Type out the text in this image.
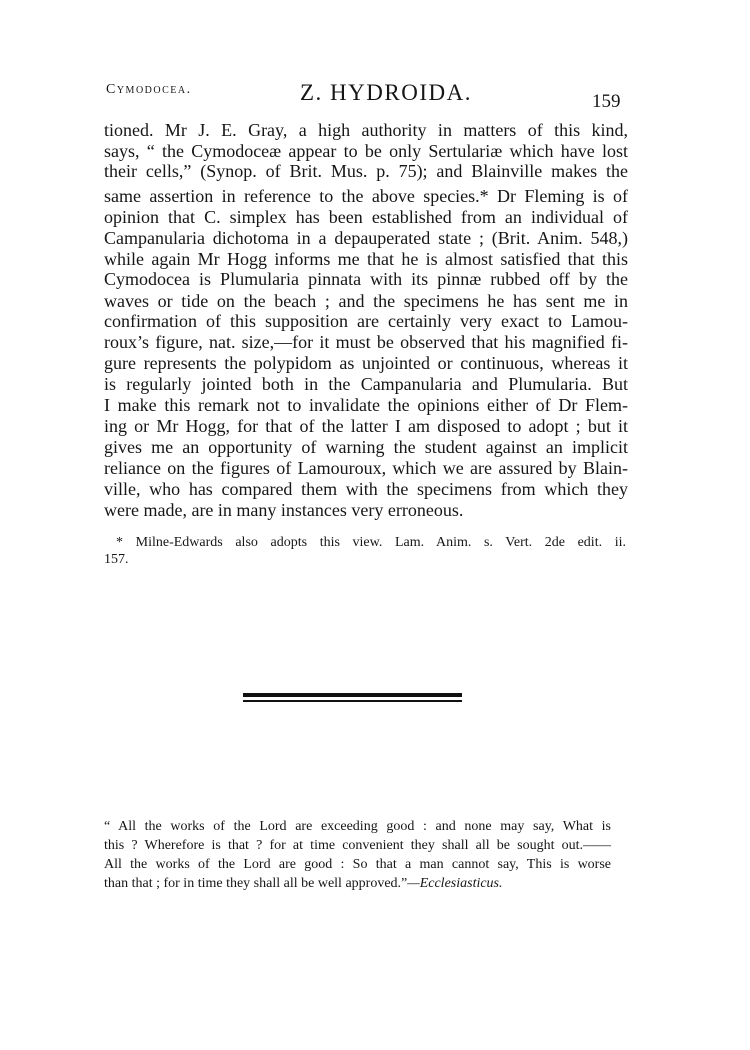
Cymodocea.	Z. HYDROIDA.	159
tioned. Mr J. E. Gray, a high authority in matters of this kind,
says, “ the Cymodoceæ appear to be only Sertulariæ which have lost
their cells,” (Synop. of Brit. Mus. p. 75); and Blainville makes the
same assertion in reference to the above species.* Dr Fleming is of
opinion that C. simplex has been established from an individual of
Campanularia dichotoma in a depauperated state ; (Brit. Anim. 548,)
while again Mr Hogg informs me that he is almost satisfied that this
Cymodocea is Plumularia pinnata with its pinnæ rubbed off by the
waves or tide on the beach ; and the specimens he has sent me in
confirmation of this supposition are certainly very exact to Lamou-
roux’s figure, nat. size,—for it must be observed that his magnified fi-
gure represents the polypidom as unjointed or continuous, whereas it
is regularly jointed both in the Campanularia and Plumularia. But
I make this remark not to invalidate the opinions either of Dr Flem-
ing or Mr Hogg, for that of the latter I am disposed to adopt ; but it
gives me an opportunity of warning the student against an implicit
reliance on the figures of Lamouroux, which we are assured by Blain-
ville, who has compared them with the specimens from which they
were made, are in many instances very erroneous.
* Milne-Edwards also adopts this view. Lam. Anim. s. Vert. 2de edit. ii.
157.
“ All the works of the Lord are exceeding good : and none may say, What is
this ? Wherefore is that ? for at time convenient they shall all be sought out.——
All the works of the Lord are good : So that a man cannot say, This is worse
than that ; for in time they shall all be well approved.”—Ecclesiasticus.
